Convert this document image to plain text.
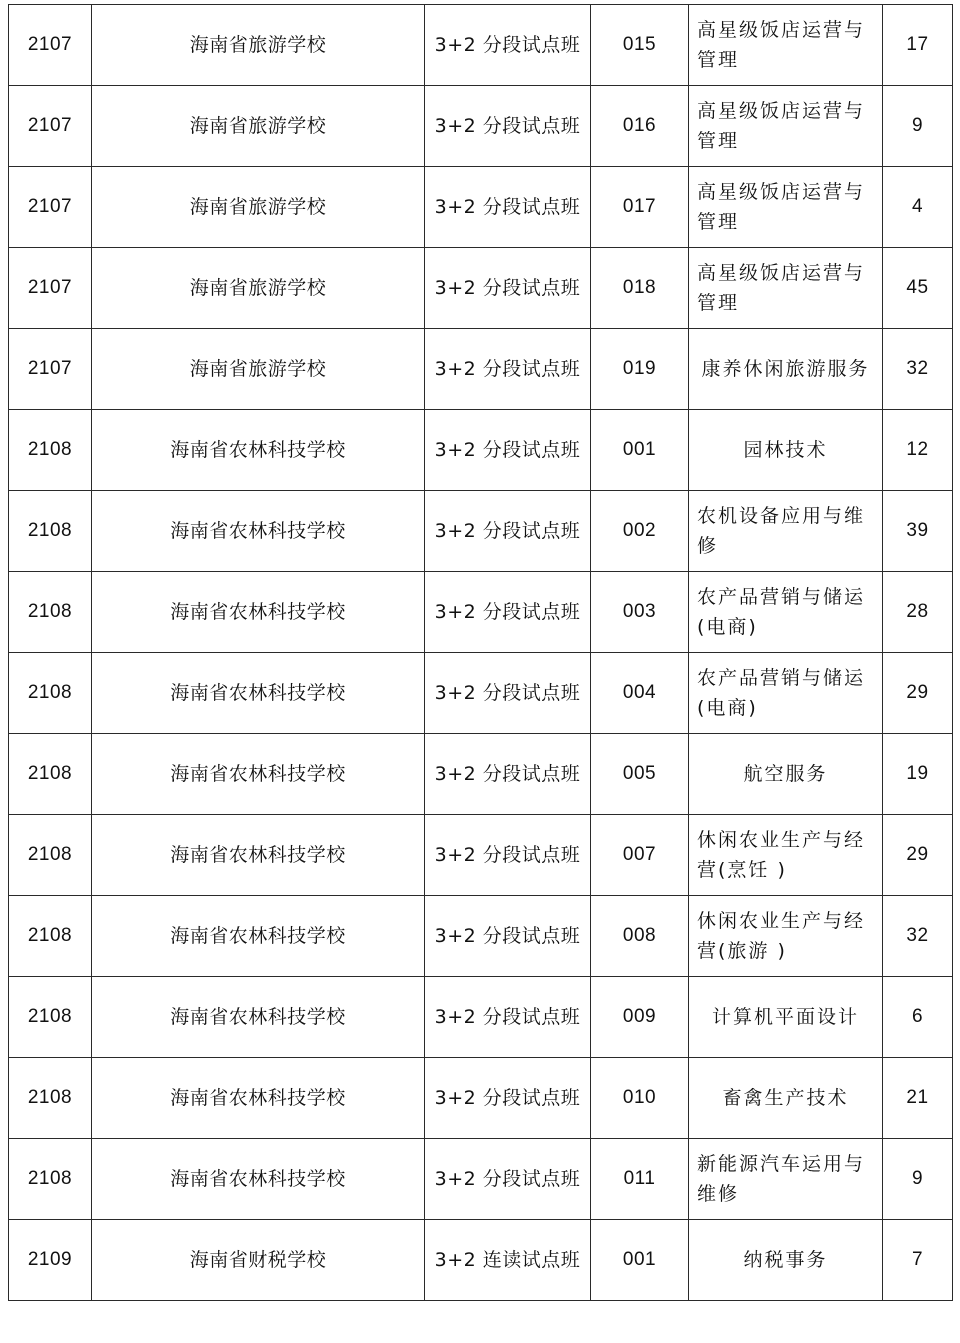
2107	海南省旅游学校	3+2 分段试点班	015	高星级饭店运营与管理	17
2107	海南省旅游学校	3+2 分段试点班	016	高星级饭店运营与管理	9
2107	海南省旅游学校	3+2 分段试点班	017	高星级饭店运营与管理	4
2107	海南省旅游学校	3+2 分段试点班	018	高星级饭店运营与管理	45
2107	海南省旅游学校	3+2 分段试点班	019	康养休闲旅游服务	32
2108	海南省农林科技学校	3+2 分段试点班	001	园林技术	12
2108	海南省农林科技学校	3+2 分段试点班	002	农机设备应用与维修	39
2108	海南省农林科技学校	3+2 分段试点班	003	农产品营销与储运(电商)	28
2108	海南省农林科技学校	3+2 分段试点班	004	农产品营销与储运(电商)	29
2108	海南省农林科技学校	3+2 分段试点班	005	航空服务	19
2108	海南省农林科技学校	3+2 分段试点班	007	休闲农业生产与经营(烹饪 )	29
2108	海南省农林科技学校	3+2 分段试点班	008	休闲农业生产与经营(旅游 )	32
2108	海南省农林科技学校	3+2 分段试点班	009	计算机平面设计	6
2108	海南省农林科技学校	3+2 分段试点班	010	畜禽生产技术	21
2108	海南省农林科技学校	3+2 分段试点班	011	新能源汽车运用与维修	9
2109	海南省财税学校	3+2 连读试点班	001	纳税事务	7
